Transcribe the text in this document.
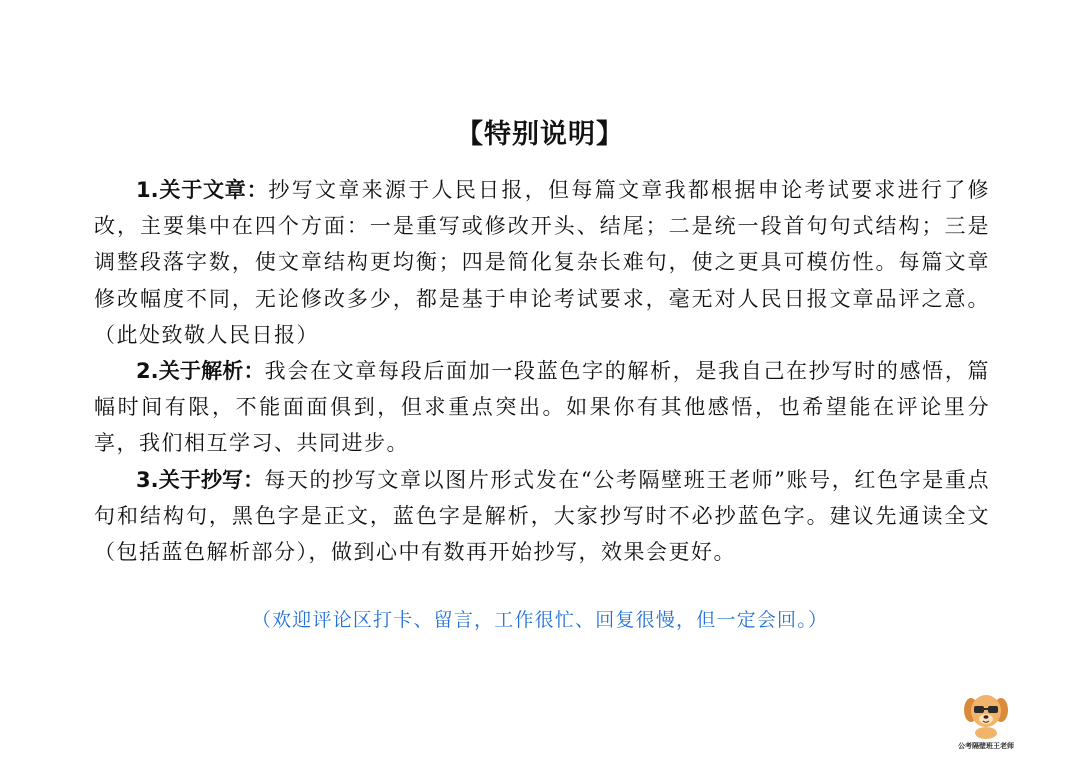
【特别说明】

1.关于文章：抄写文章来源于人民日报，但每篇文章我都根据申论考试要求进行了修改，主要集中在四个方面：一是重写或修改开头、结尾；二是统一段首句句式结构；三是调整段落字数，使文章结构更均衡；四是简化复杂长难句，使之更具可模仿性。每篇文章修改幅度不同，无论修改多少，都是基于申论考试要求，毫无对人民日报文章品评之意。（此处致敬人民日报）

2.关于解析：我会在文章每段后面加一段蓝色字的解析，是我自己在抄写时的感悟，篇幅时间有限，不能面面俱到，但求重点突出。如果你有其他感悟，也希望能在评论里分享，我们相互学习、共同进步。

3.关于抄写：每天的抄写文章以图片形式发在“公考隔壁班王老师”账号，红色字是重点句和结构句，黑色字是正文，蓝色字是解析，大家抄写时不必抄蓝色字。建议先通读全文（包括蓝色解析部分），做到心中有数再开始抄写，效果会更好。

（欢迎评论区打卡、留言，工作很忙、回复很慢，但一定会回。）
公考隔壁班王老师
